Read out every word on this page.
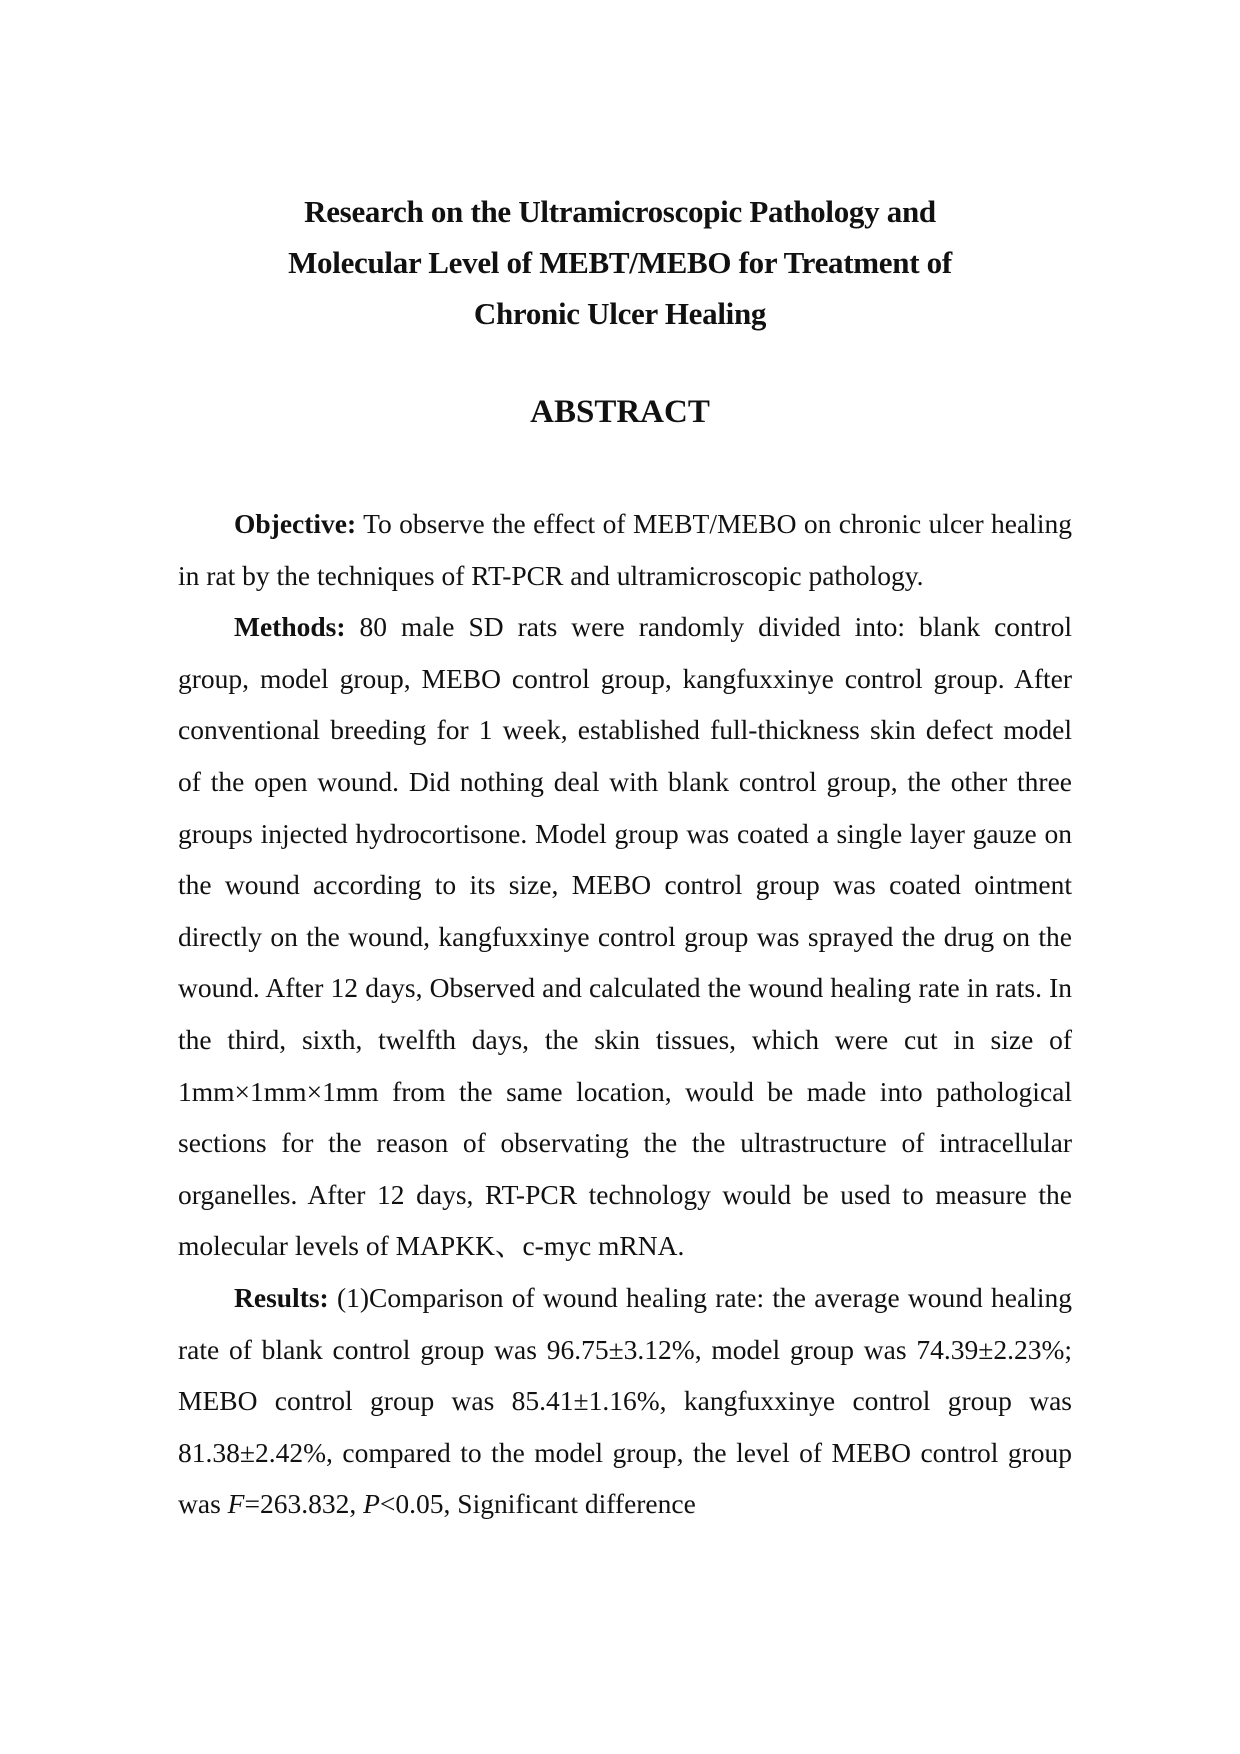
Research on the Ultramicroscopic Pathology and
Molecular Level of MEBT/MEBO for Treatment of
Chronic Ulcer Healing
ABSTRACT

Objective: To observe the effect of MEBT/MEBO on chronic ulcer healing in rat by the techniques of RT-PCR and ultramicroscopic pathology.

Methods: 80 male SD rats were randomly divided into: blank control group, model group, MEBO control group, kangfuxxinye control group. After conventional breeding for 1 week, established full-thickness skin defect model of the open wound. Did nothing deal with blank control group, the other three groups injected hydrocortisone. Model group was coated a single layer gauze on the wound according to its size, MEBO control group was coated ointment directly on the wound, kangfuxxinye control group was sprayed the drug on the wound. After 12 days, Observed and calculated the wound healing rate in rats. In the third, sixth, twelfth days, the skin tissues, which were cut in size of 1mm×1mm×1mm from the same location, would be made into pathological sections for the reason of observating the the ultrastructure of intracellular organelles. After 12 days, RT-PCR technology would be used to measure the molecular levels of MAPKK、c-myc mRNA.

Results: (1)Comparison of wound healing rate: the average wound healing rate of blank control group was 96.75±3.12%, model group was 74.39±2.23%; MEBO control group was 85.41±1.16%, kangfuxxinye control group was 81.38±2.42%, compared to the model group, the level of MEBO control group was F=263.832, P<0.05, Significant difference
